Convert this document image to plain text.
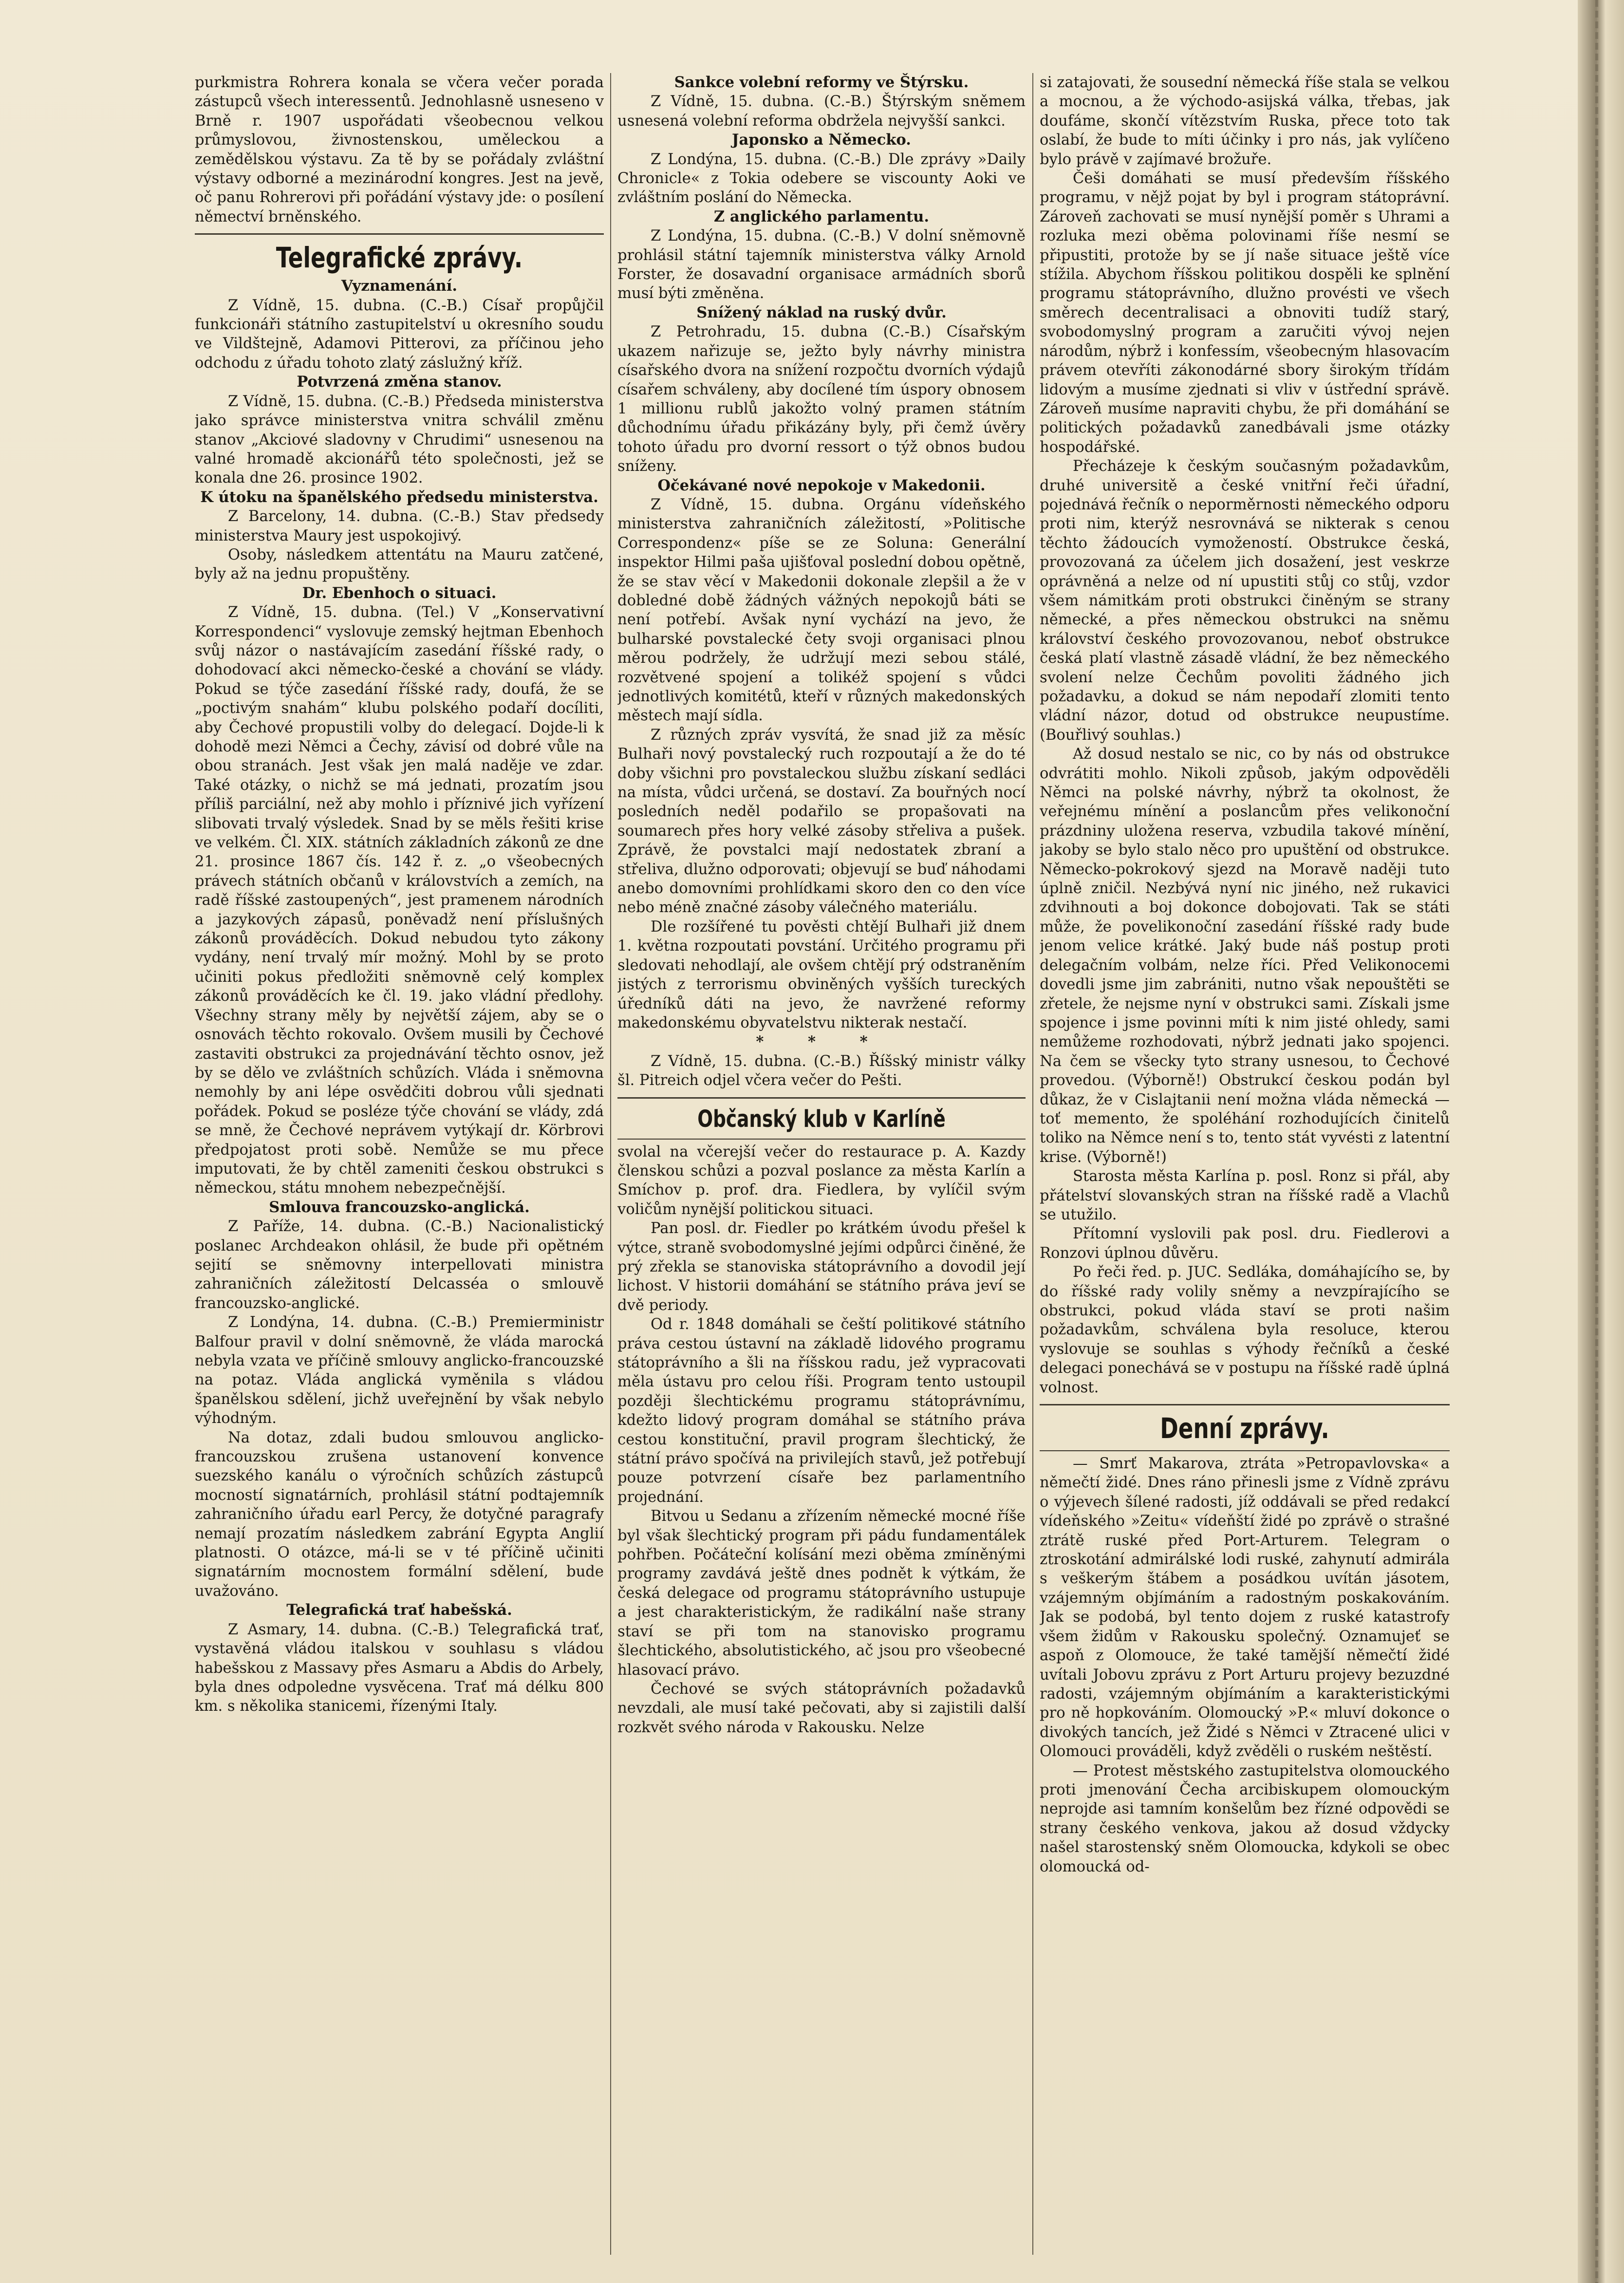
purkmistra Rohrera konala se včera večer porada zástupců všech interessentů. Jednohlasně usneseno v Brně r. 1907 uspořádati všeobecnou velkou průmyslovou, živnostenskou, uměleckou a zemědělskou výstavu. Za tě by se pořádaly zvláštní výstavy odborné a mezinárodní kongres. Jest na jevě, oč panu Rohrerovi při pořádání výstavy jde: o posílení němectví brněnského.

Telegrafické zprávy.

Vyznamenání.

Z Vídně, 15. dubna. (C.-B.) Císař propůjčil funkcionáři státního zastupitelství u okresního soudu ve Vildštejně, Adamovi Pitterovi, za příčinou jeho odchodu z úřadu tohoto zlatý záslužný kříž.

Potvrzená změna stanov.

Z Vídně, 15. dubna. (C.-B.) Předseda ministerstva jako správce ministerstva vnitra schválil změnu stanov „Akciové sladovny v Chrudimi“ usnesenou na valné hromadě akcionářů této společnosti, jež se konala dne 26. prosince 1902.

K útoku na španělského předsedu ministerstva.

Z Barcelony, 14. dubna. (C.-B.) Stav předsedy ministerstva Maury jest uspokojivý.

Osoby, následkem attentátu na Mauru zatčené, byly až na jednu propuštěny.

Dr. Ebenhoch o situaci.

Z Vídně, 15. dubna. (Tel.) V „Konservativní Korrespondenci“ vyslovuje zemský hejtman Ebenhoch svůj názor o nastávajícím zasedání říšské rady, o dohodovací akci německo-české a chování se vlády. Pokud se týče zasedání říšské rady, doufá, že se „poctivým snahám“ klubu polského podaří docíliti, aby Čechové propustili volby do delegací. Dojde-li k dohodě mezi Němci a Čechy, závisí od dobré vůle na obou stranách. Jest však jen malá naděje ve zdar. Také otázky, o nichž se má jednati, prozatím jsou příliš parciální, než aby mohlo i příznivé jich vyřízení slibovati trvalý výsledek. Snad by se měls řešiti krise ve velkém. Čl. XIX. státních základních zákonů ze dne 21. prosince 1867 čís. 142 ř. z. „o všeobecných právech státních občanů v královstvích a zemích, na radě říšské zastoupených“, jest pramenem národních a jazykových zápasů, poněvadž není příslušných zákonů prováděcích. Dokud nebudou tyto zákony vydány, není trvalý mír možný. Mohl by se proto učiniti pokus předložiti sněmovně celý komplex zákonů prováděcích ke čl. 19. jako vládní předlohy. Všechny strany měly by největší zájem, aby se o osnovách těchto rokovalo. Ovšem musili by Čechové zastaviti obstrukci za projednávání těchto osnov, jež by se dělo ve zvláštních schůzích. Vláda i sněmovna nemohly by ani lépe osvědčiti dobrou vůli sjednati pořádek. Pokud se posléze týče chování se vlády, zdá se mně, že Čechové neprávem vytýkají dr. Körbrovi předpojatost proti sobě. Nemůže se mu přece imputovati, že by chtěl zameniti českou obstrukci s německou, státu mnohem nebezpečnější.

Smlouva francouzsko-anglická.

Z Paříže, 14. dubna. (C.-B.) Nacionalistický poslanec Archdeakon ohlásil, že bude při opětném sejití se sněmovny interpellovati ministra zahraničních záležitostí Delcasséa o smlouvě francouzsko-anglické.

Z Londýna, 14. dubna. (C.-B.) Premierministr Balfour pravil v dolní sněmovně, že vláda marocká nebyla vzata ve příčině smlouvy anglicko-francouzské na potaz. Vláda anglická vyměnila s vládou španělskou sdělení, jichž uveřejnění by však nebylo výhodným.

Na dotaz, zdali budou smlouvou anglicko-francouzskou zrušena ustanovení konvence suezského kanálu o výročních schůzích zástupců mocností signatárních, prohlásil státní podtajemník zahraničního úřadu earl Percy, že dotyčné paragrafy nemají prozatím následkem zabrání Egypta Anglií platnosti. O otázce, má-li se v té příčině učiniti signatárním mocnostem formální sdělení, bude uvažováno.

Telegrafická trať habešská.

Z Asmary, 14. dubna. (C.-B.) Telegrafická trať, vystavěná vládou italskou v souhlasu s vládou habešskou z Massavy přes Asmaru a Abdis do Arbely, byla dnes odpoledne vysvěcena. Trať má délku 800 km. s několika stanicemi, řízenými Italy.

Sankce volební reformy ve Štýrsku.

Z Vídně, 15. dubna. (C.-B.) Štýrským sněmem usnesená volební reforma obdržela nejvyšší sankci.

Japonsko a Německo.

Z Londýna, 15. dubna. (C.-B.) Dle zprávy »Daily Chronicle« z Tokia odebere se viscounty Aoki ve zvláštním poslání do Německa.

Z anglického parlamentu.

Z Londýna, 15. dubna. (C.-B.) V dolní sněmovně prohlásil státní tajemník ministerstva války Arnold Forster, že dosavadní organisace armádních sborů musí býti změněna.

Snížený náklad na ruský dvůr.

Z Petrohradu, 15. dubna (C.-B.) Císařským ukazem nařizuje se, ježto byly návrhy ministra císařského dvora na snížení rozpočtu dvorních výdajů císařem schváleny, aby docílené tím úspory obnosem 1 millionu rublů jakožto volný pramen státním důchodnímu úřadu přikázány byly, při čemž úvěry tohoto úřadu pro dvorní ressort o týž obnos budou sníženy.

Očekávané nové nepokoje v Makedonii.

Z Vídně, 15. dubna. Orgánu vídeňského ministerstva zahraničních záležitostí, »Politische Correspondenz« píše se ze Soluna: Generální inspektor Hilmi paša ujišťoval poslední dobou opětně, že se stav věcí v Makedonii dokonale zlepšil a že v dobledné době žádných vážných nepokojů báti se není potřebí. Avšak nyní vychází na jevo, že bulharské povstalecké čety svoji organisaci plnou měrou podržely, že udržují mezi sebou stálé, rozvětvené spojení a tolikéž spojení s vůdci jednotlivých komitétů, kteří v různých makedonských městech mají sídla.

Z různých zpráv vysvítá, že snad již za měsíc Bulhaři nový povstalecký ruch rozpoutají a že do té doby všichni pro povstaleckou službu získaní sedláci na místa, vůdci určená, se dostaví. Za bouřných nocí posledních neděl podařilo se propašovati na soumarech přes hory velké zásoby střeliva a pušek. Zprávě, že povstalci mají nedostatek zbraní a střeliva, dlužno odporovati; objevují se buď náhodami anebo domovními prohlídkami skoro den co den více nebo méně značné zásoby válečného materiálu.

Dle rozšířené tu pověsti chtějí Bulhaři již dnem 1. května rozpoutati povstání. Určitého programu při sledovati nehodlají, ale ovšem chtějí prý odstraněním jistých z terrorismu obviněných vyšších tureckých úředníků dáti na jevo, že navržené reformy makedonskému obyvatelstvu nikterak nestačí.

* * *

Z Vídně, 15. dubna. (C.-B.) Říšský ministr války šl. Pitreich odjel včera večer do Pešti.

Občanský klub v Karlíně

svolal na včerejší večer do restaurace p. A. Kazdy členskou schůzi a pozval poslance za města Karlín a Smíchov p. prof. dra. Fiedlera, by vylíčil svým voličům nynější politickou situaci.

Pan posl. dr. Fiedler po krátkém úvodu přešel k výtce, straně svobodomyslné jejími odpůrci činěné, že prý zřekla se stanoviska státoprávního a dovodil její lichost. V historii domáhání se státního práva jeví se dvě periody.

Od r. 1848 domáhali se čeští politikové státního práva cestou ústavní na základě lidového programu státoprávního a šli na říšskou radu, jež vypracovati měla ústavu pro celou říši. Program tento ustoupil později šlechtickému programu státoprávnímu, kdežto lidový program domáhal se státního práva cestou konstituční, pravil program šlechtický, že státní právo spočívá na privilejích stavů, jež potřebují pouze potvrzení císaře bez parlamentního projednání.

Bitvou u Sedanu a zřízením německé mocné říše byl však šlechtický program při pádu fundamentálek pohřben. Počáteční kolísání mezi oběma zmíněnými programy zavdává ještě dnes podnět k výtkám, že česká delegace od programu státoprávního ustupuje a jest charakteristickým, že radikální naše strany staví se při tom na stanovisko programu šlechtického, absolutistického, ač jsou pro všeobecné hlasovací právo.

Čechové se svých státoprávních požadavků nevzdali, ale musí také pečovati, aby si zajistili další rozkvět svého národa v Rakousku. Nelze

si zatajovati, že sousední německá říše stala se velkou a mocnou, a že východo-asijská válka, třebas, jak doufáme, skončí vítězstvím Ruska, přece toto tak oslabí, že bude to míti účinky i pro nás, jak vylíčeno bylo právě v zajímavé brožuře.

Češi domáhati se musí především říšského programu, v nějž pojat by byl i program státoprávní. Zároveň zachovati se musí nynější poměr s Uhrami a rozluka mezi oběma polovinami říše nesmí se připustiti, protože by se jí naše situace ještě více stížila. Abychom říšskou politikou dospěli ke splnění programu státoprávního, dlužno provésti ve všech směrech decentralisaci a obnoviti tudíž starý, svobodomyslný program a zaručiti vývoj nejen národům, nýbrž i konfessím, všeobecným hlasovacím právem otevříti zákonodárné sbory širokým třídám lidovým a musíme zjednati si vliv v ústřední správě. Zároveň musíme napraviti chybu, že při domáhání se politických požadavků zanedbávali jsme otázky hospodářské.

Přecházeje k českým současným požadavkům, druhé universitě a české vnitřní řeči úřadní, pojednává řečník o neporměrnosti německého odporu proti nim, kterýž nesrovnává se nikterak s cenou těchto žádoucích vymožeností. Obstrukce česká, provozovaná za účelem jich dosažení, jest veskrze oprávněná a nelze od ní upustiti stůj co stůj, vzdor všem námitkám proti obstrukci činěným se strany německé, a přes německou obstrukci na sněmu království českého provozovanou, neboť obstrukce česká platí vlastně zásadě vládní, že bez německého svolení nelze Čechům povoliti žádného jich požadavku, a dokud se nám nepodaří zlomiti tento vládní názor, dotud od obstrukce neupustíme. (Bouřlivý souhlas.)

Až dosud nestalo se nic, co by nás od obstrukce odvrátiti mohlo. Nikoli způsob, jakým odpověděli Němci na polské návrhy, nýbrž ta okolnost, že veřejnému mínění a poslancům přes velikonoční prázdniny uložena reserva, vzbudila takové mínění, jakoby se bylo stalo něco pro upuštění od obstrukce. Německo-pokrokový sjezd na Moravě naději tuto úplně zničil. Nezbývá nyní nic jiného, než rukavici zdvihnouti a boj dokonce dobojovati. Tak se státi může, že povelikonoční zasedání říšské rady bude jenom velice krátké. Jaký bude náš postup proti delegačním volbám, nelze říci. Před Velikonocemi dovedli jsme jim zabrániti, nutno však nepouštěti se zřetele, že nejsme nyní v obstrukci sami. Získali jsme spojence i jsme povinni míti k nim jisté ohledy, sami nemůžeme rozhodovati, nýbrž jednati jako spojenci. Na čem se všecky tyto strany usnesou, to Čechové provedou. (Výborně!) Obstrukcí českou podán byl důkaz, že v Cislajtanii není možna vláda německá — toť memento, že spoléhání rozhodujících činitelů toliko na Němce není s to, tento stát vyvésti z latentní krise. (Výborně!)

Starosta města Karlína p. posl. Ronz si přál, aby přátelství slovanských stran na říšské radě a Vlachů se utužilo.

Přítomní vyslovili pak posl. dru. Fiedlerovi a Ronzovi úplnou důvěru.

Po řeči řed. p. JUC. Sedláka, domáhajícího se, by do říšské rady volily sněmy a nevzpírajícího se obstrukci, pokud vláda staví se proti našim požadavkům, schválena byla resoluce, kterou vyslovuje se souhlas s výhody řečníků a české delegaci ponechává se v postupu na říšské radě úplná volnost.

Denní zprávy.

— Smrť Makarova, ztráta »Petropavlovska« a němečtí židé. Dnes ráno přinesli jsme z Vídně zprávu o výjevech šílené radosti, jíž oddávali se před redakcí vídeňského »Zeitu« vídeňští židé po zprávě o strašné ztrátě ruské před Port-Arturem. Telegram o ztroskotání admirálské lodi ruské, zahynutí admirála s veškerým štábem a posádkou uvítán jásotem, vzájemným objímáním a radostným poskakováním. Jak se podobá, byl tento dojem z ruské katastrofy všem židům v Rakousku společný. Oznamujeť se aspoň z Olomouce, že také tamější němečtí židé uvítali Jobovu zprávu z Port Arturu projevy bezuzdné radosti, vzájemným objímáním a karakteristickými pro ně hopkováním. Olomoucký »P.« mluví dokonce o divokých tancích, jež Židé s Němci v Ztracené ulici v Olomouci prováděli, když zvěděli o ruském neštěstí.

— Protest městského zastupitelstva olomouckého proti jmenování Čecha arcibiskupem olomouckým neprojde asi tamním konšelům bez řízné odpovědi se strany českého venkova, jakou až dosud vždycky našel starostenský sněm Olomoucka, kdykoli se obec olomoucká od-
